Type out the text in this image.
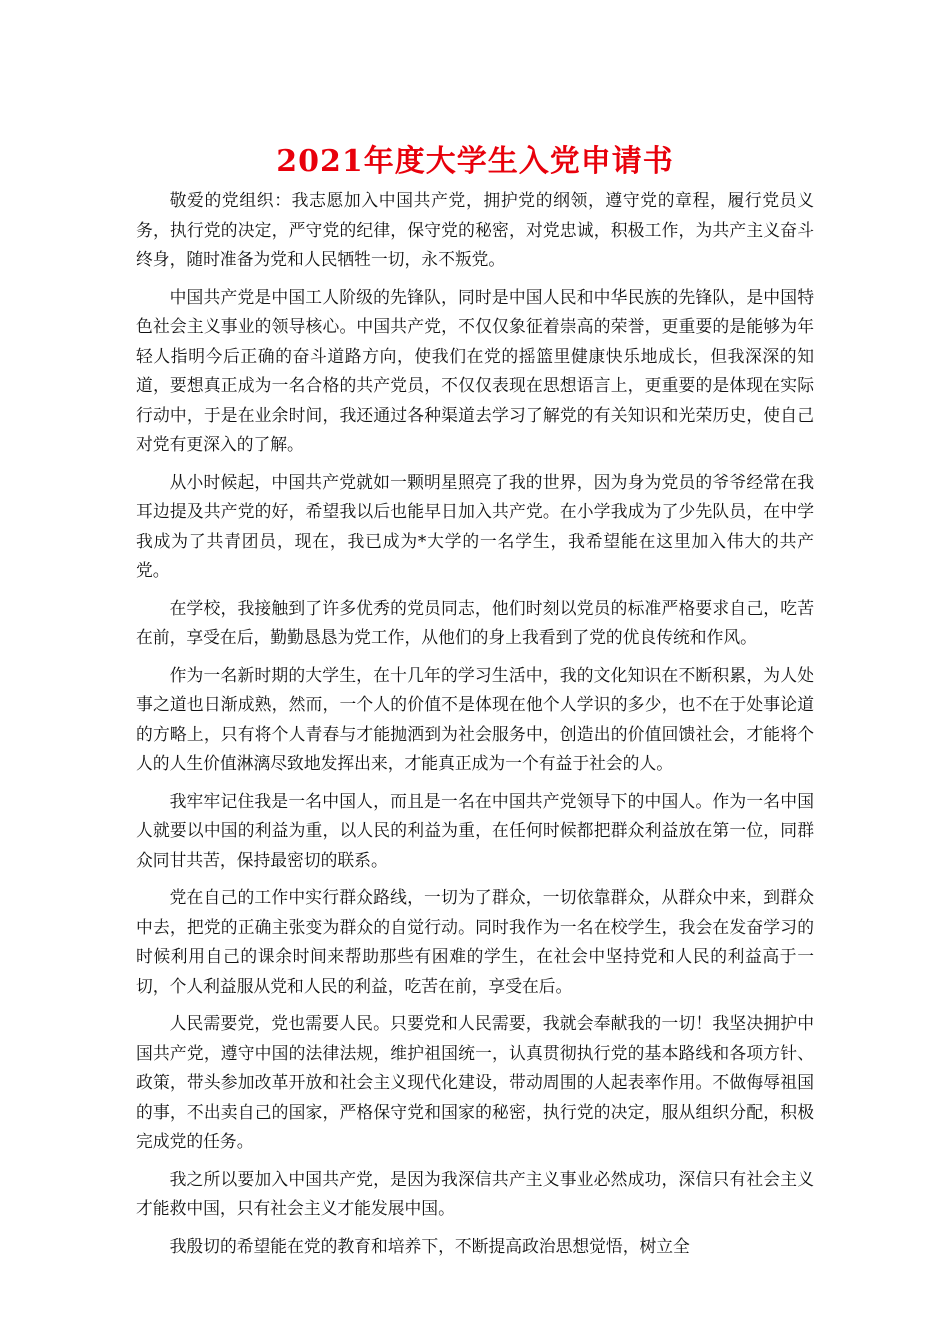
2021年度大学生入党申请书

敬爱的党组织：我志愿加入中国共产党，拥护党的纲领，遵守党的章程，履行党员义务，执行党的决定，严守党的纪律，保守党的秘密，对党忠诚，积极工作，为共产主义奋斗终身，随时准备为党和人民牺牲一切，永不叛党。

中国共产党是中国工人阶级的先锋队，同时是中国人民和中华民族的先锋队，是中国特色社会主义事业的领导核心。中国共产党，不仅仅象征着崇高的荣誉，更重要的是能够为年轻人指明今后正确的奋斗道路方向，使我们在党的摇篮里健康快乐地成长，但我深深的知道，要想真正成为一名合格的共产党员，不仅仅表现在思想语言上，更重要的是体现在实际行动中，于是在业余时间，我还通过各种渠道去学习了解党的有关知识和光荣历史，使自己对党有更深入的了解。

从小时候起，中国共产党就如一颗明星照亮了我的世界，因为身为党员的爷爷经常在我耳边提及共产党的好，希望我以后也能早日加入共产党。在小学我成为了少先队员，在中学我成为了共青团员，现在，我已成为*大学的一名学生，我希望能在这里加入伟大的共产党。

在学校，我接触到了许多优秀的党员同志，他们时刻以党员的标准严格要求自己，吃苦在前，享受在后，勤勤恳恳为党工作，从他们的身上我看到了党的优良传统和作风。

作为一名新时期的大学生，在十几年的学习生活中，我的文化知识在不断积累，为人处事之道也日渐成熟，然而，一个人的价值不是体现在他个人学识的多少，也不在于处事论道的方略上，只有将个人青春与才能抛洒到为社会服务中，创造出的价值回馈社会，才能将个人的人生价值淋漓尽致地发挥出来，才能真正成为一个有益于社会的人。

我牢牢记住我是一名中国人，而且是一名在中国共产党领导下的中国人。作为一名中国人就要以中国的利益为重，以人民的利益为重，在任何时候都把群众利益放在第一位，同群众同甘共苦，保持最密切的联系。

党在自己的工作中实行群众路线，一切为了群众，一切依靠群众，从群众中来，到群众中去，把党的正确主张变为群众的自觉行动。同时我作为一名在校学生，我会在发奋学习的时候利用自己的课余时间来帮助那些有困难的学生，在社会中坚持党和人民的利益高于一切，个人利益服从党和人民的利益，吃苦在前，享受在后。

人民需要党，党也需要人民。只要党和人民需要，我就会奉献我的一切！我坚决拥护中国共产党，遵守中国的法律法规，维护祖国统一，认真贯彻执行党的基本路线和各项方针、政策，带头参加改革开放和社会主义现代化建设，带动周围的人起表率作用。不做侮辱祖国的事，不出卖自己的国家，严格保守党和国家的秘密，执行党的决定，服从组织分配，积极完成党的任务。

我之所以要加入中国共产党，是因为我深信共产主义事业必然成功，深信只有社会主义才能救中国，只有社会主义才能发展中国。

我殷切的希望能在党的教育和培养下，不断提高政治思想觉悟，树立全
